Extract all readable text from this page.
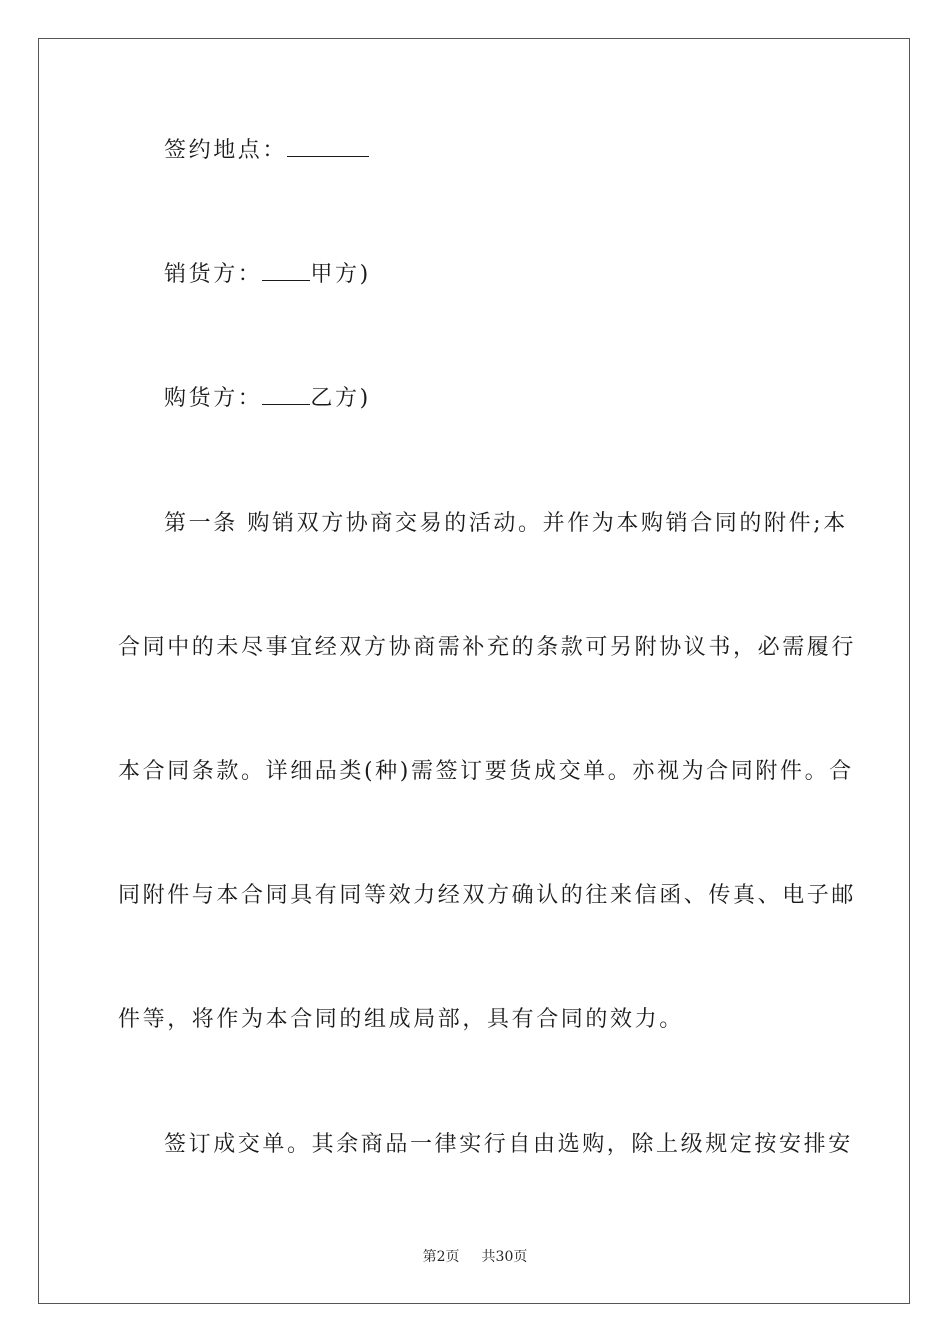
签约地点：
销货方： 甲方)
购货方： 乙方)
第一条 购销双方协商交易的活动。并作为本购销合同的附件;本
合同中的未尽事宜经双方协商需补充的条款可另附协议书，必需履行
本合同条款。详细品类(种)需签订要货成交单。亦视为合同附件。合
同附件与本合同具有同等效力经双方确认的往来信函、传真、电子邮
件等，将作为本合同的组成局部，具有合同的效力。
签订成交单。其余商品一律实行自由选购，除上级规定按安排安
第2页 共30页
